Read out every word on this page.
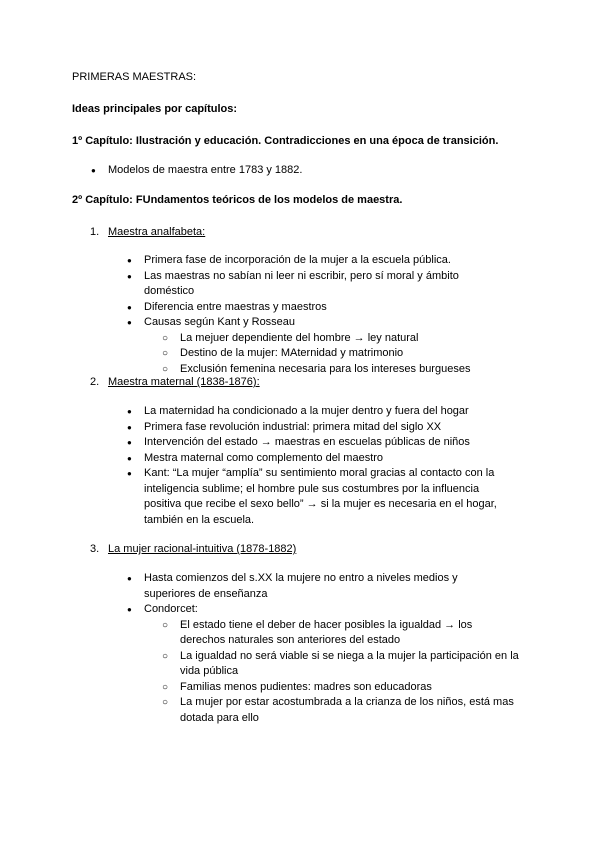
PRIMERAS MAESTRAS:

Ideas principales por capítulos:

1º Capítulo: Ilustración y educación. Contradicciones en una época de transición.

● Modelos de maestra entre 1783 y 1882.

2º Capítulo: FUndamentos teóricos de los modelos de maestra.

1. Maestra analfabeta:
● Primera fase de incorporación de la mujer a la escuela pública.
● Las maestras no sabían ni leer ni escribir, pero sí moral y ámbito doméstico
● Diferencia entre maestras y maestros
● Causas según Kant y Rosseau
○ La mejuer dependiente del hombre → ley natural
○ Destino de la mujer: MAternidad y matrimonio
○ Exclusión femenina necesaria para los intereses burgueses
2. Maestra maternal (1838-1876):
● La maternidad ha condicionado a la mujer dentro y fuera del hogar
● Primera fase revolución industrial: primera mitad del siglo XX
● Intervención del estado → maestras en escuelas públicas de niños
● Mestra maternal como complemento del maestro
● Kant: “La mujer “amplía” su sentimiento moral gracias al contacto con la inteligencia sublime; el hombre pule sus costumbres por la influencia positiva que recibe el sexo bello” → si la mujer es necesaria en el hogar, también en la escuela.
3. La mujer racional-intuitiva (1878-1882)
● Hasta comienzos del s.XX la mujere no entro a niveles medios y superiores de enseñanza
● Condorcet:
○ El estado tiene el deber de hacer posibles la igualdad → los derechos naturales son anteriores del estado
○ La igualdad no será viable si se niega a la mujer la participación en la vida pública
○ Familias menos pudientes: madres son educadoras
○ La mujer por estar acostumbrada a la crianza de los niños, está mas dotada para ello
